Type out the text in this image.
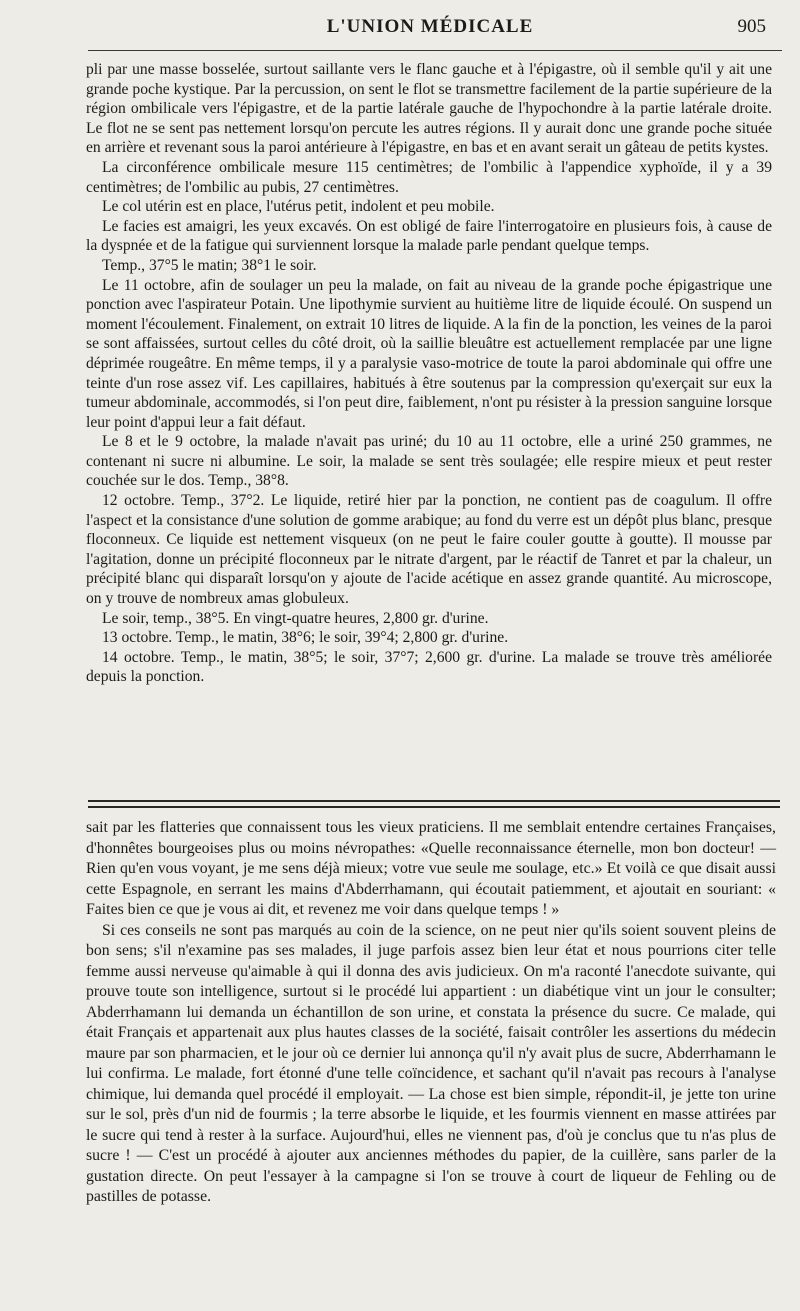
L'UNION MÉDICALE	905

pli par une masse bosselée, surtout saillante vers le flanc gauche et à l'épigastre, où il semble qu'il y ait une grande poche kystique. Par la percussion, on sent le flot se transmettre facilement de la partie supérieure de la région ombilicale vers l'épigastre, et de la partie latérale gauche de l'hypochondre à la partie latérale droite. Le flot ne se sent pas nettement lorsqu'on percute les autres régions. Il y aurait donc une grande poche située en arrière et revenant sous la paroi antérieure à l'épigastre, en bas et en avant serait un gâteau de petits kystes.

La circonférence ombilicale mesure 115 centimètres; de l'ombilic à l'appendice xyphoïde, il y a 39 centimètres; de l'ombilic au pubis, 27 centimètres.

Le col utérin est en place, l'utérus petit, indolent et peu mobile.

Le facies est amaigri, les yeux excavés. On est obligé de faire l'interrogatoire en plusieurs fois, à cause de la dyspnée et de la fatigue qui surviennent lorsque la malade parle pendant quelque temps.

Temp., 37°5 le matin; 38°1 le soir.

Le 11 octobre, afin de soulager un peu la malade, on fait au niveau de la grande poche épigastrique une ponction avec l'aspirateur Potain. Une lipothymie survient au huitième litre de liquide écoulé. On suspend un moment l'écoulement. Finalement, on extrait 10 litres de liquide. A la fin de la ponction, les veines de la paroi se sont affaissées, surtout celles du côté droit, où la saillie bleuâtre est actuellement remplacée par une ligne déprimée rougeâtre. En même temps, il y a paralysie vaso-motrice de toute la paroi abdominale qui offre une teinte d'un rose assez vif. Les capillaires, habitués à être soutenus par la compression qu'exerçait sur eux la tumeur abdominale, accommodés, si l'on peut dire, faiblement, n'ont pu résister à la pression sanguine lorsque leur point d'appui leur a fait défaut.

Le 8 et le 9 octobre, la malade n'avait pas uriné; du 10 au 11 octobre, elle a uriné 250 grammes, ne contenant ni sucre ni albumine. Le soir, la malade se sent très soulagée; elle respire mieux et peut rester couchée sur le dos. Temp., 38°8.

12 octobre. Temp., 37°2. Le liquide, retiré hier par la ponction, ne contient pas de coagulum. Il offre l'aspect et la consistance d'une solution de gomme arabique; au fond du verre est un dépôt plus blanc, presque floconneux. Ce liquide est nettement visqueux (on ne peut le faire couler goutte à goutte). Il mousse par l'agitation, donne un précipité floconneux par le nitrate d'argent, par le réactif de Tanret et par la chaleur, un précipité blanc qui disparaît lorsqu'on y ajoute de l'acide acétique en assez grande quantité. Au microscope, on y trouve de nombreux amas globuleux.

Le soir, temp., 38°5. En vingt-quatre heures, 2,800 gr. d'urine.

13 octobre. Temp., le matin, 38°6; le soir, 39°4; 2,800 gr. d'urine.

14 octobre. Temp., le matin, 38°5; le soir, 37°7; 2,600 gr. d'urine. La malade se trouve très améliorée depuis la ponction.

sait par les flatteries que connaissent tous les vieux praticiens. Il me semblait entendre certaines Françaises, d'honnêtes bourgeoises plus ou moins névropathes: «Quelle reconnaissance éternelle, mon bon docteur! — Rien qu'en vous voyant, je me sens déjà mieux; votre vue seule me soulage, etc.» Et voilà ce que disait aussi cette Espagnole, en serrant les mains d'Abderrhamann, qui écoutait patiemment, et ajoutait en souriant: « Faites bien ce que je vous ai dit, et revenez me voir dans quelque temps ! »

Si ces conseils ne sont pas marqués au coin de la science, on ne peut nier qu'ils soient souvent pleins de bon sens; s'il n'examine pas ses malades, il juge parfois assez bien leur état et nous pourrions citer telle femme aussi nerveuse qu'aimable à qui il donna des avis judicieux. On m'a raconté l'anecdote suivante, qui prouve toute son intelligence, surtout si le procédé lui appartient : un diabétique vint un jour le consulter; Abderrhamann lui demanda un échantillon de son urine, et constata la présence du sucre. Ce malade, qui était Français et appartenait aux plus hautes classes de la société, faisait contrôler les assertions du médecin maure par son pharmacien, et le jour où ce dernier lui annonça qu'il n'y avait plus de sucre, Abderrhamann le lui confirma. Le malade, fort étonné d'une telle coïncidence, et sachant qu'il n'avait pas recours à l'analyse chimique, lui demanda quel procédé il employait. — La chose est bien simple, répondit-il, je jette ton urine sur le sol, près d'un nid de fourmis ; la terre absorbe le liquide, et les fourmis viennent en masse attirées par le sucre qui tend à rester à la surface. Aujourd'hui, elles ne viennent pas, d'où je conclus que tu n'as plus de sucre ! — C'est un procédé à ajouter aux anciennes méthodes du papier, de la cuillère, sans parler de la gustation directe. On peut l'essayer à la campagne si l'on se trouve à court de liqueur de Fehling ou de pastilles de potasse.
